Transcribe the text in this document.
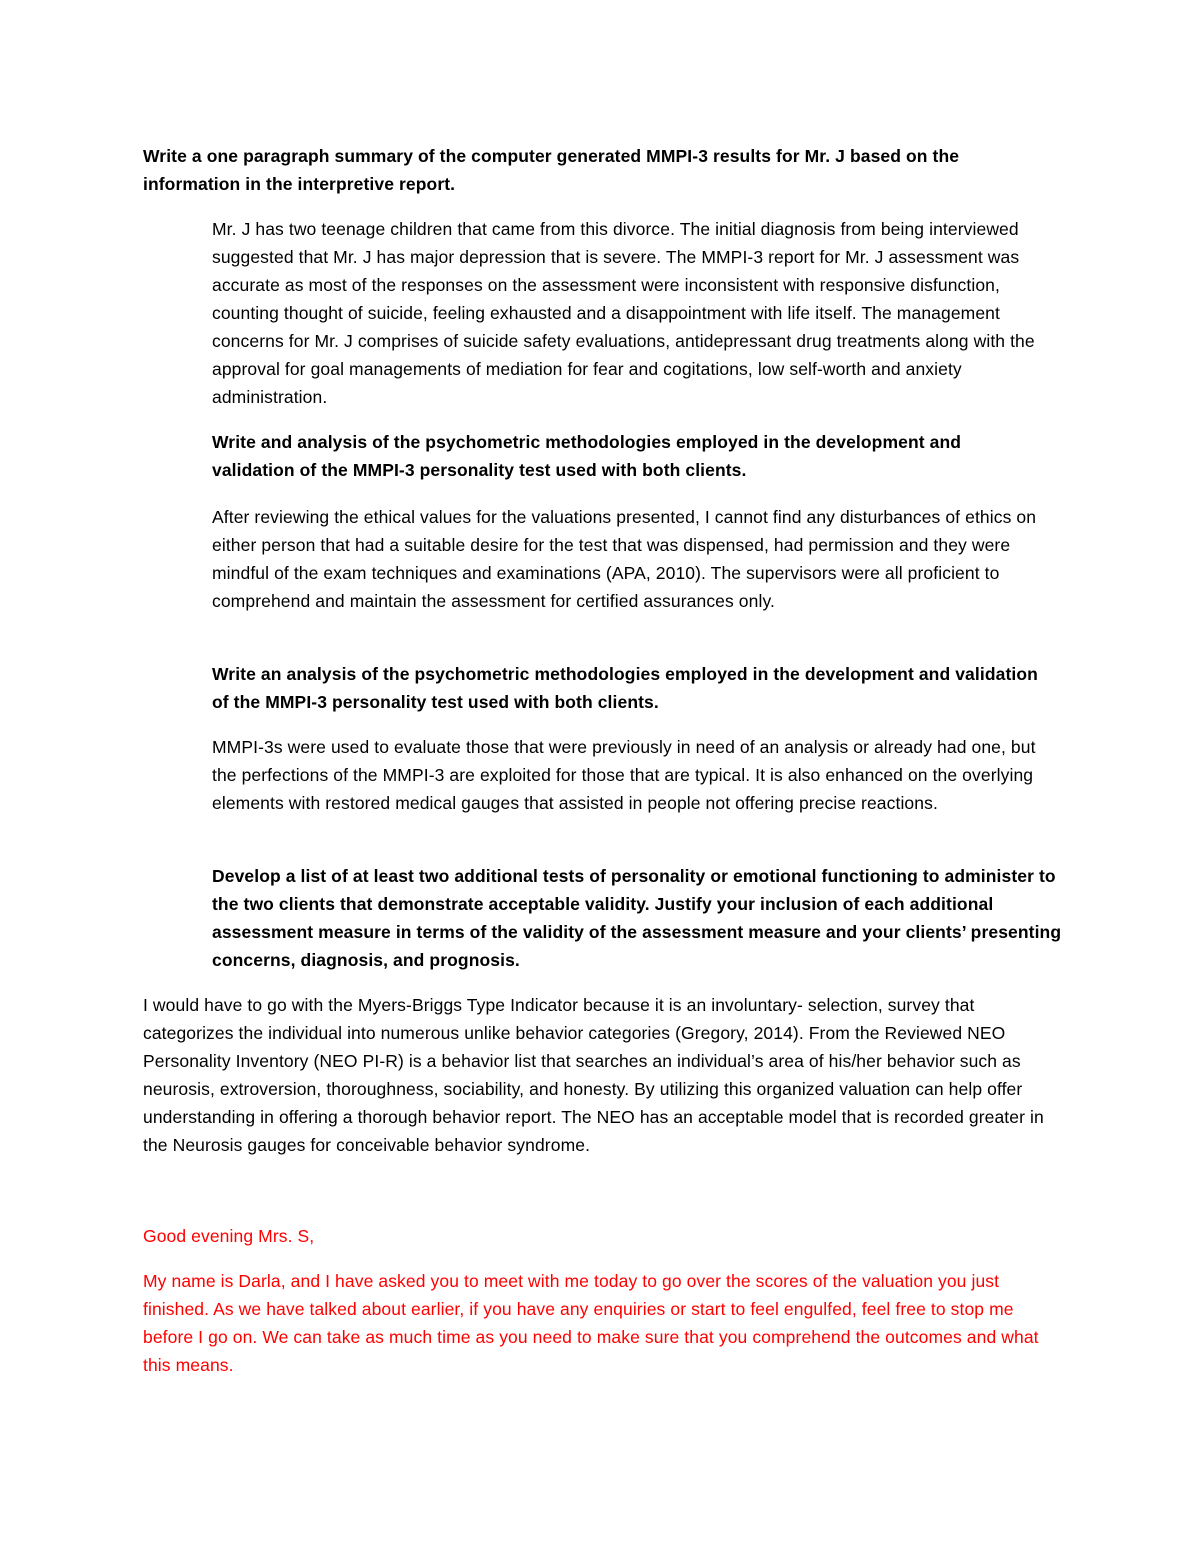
Write a one paragraph summary of the computer generated MMPI-3 results for Mr. J based on the information in the interpretive report.

Mr. J has two teenage children that came from this divorce. The initial diagnosis from being interviewed suggested that Mr. J has major depression that is severe. The MMPI-3 report for Mr. J assessment was accurate as most of the responses on the assessment were inconsistent with responsive disfunction, counting thought of suicide, feeling exhausted and a disappointment with life itself. The management concerns for Mr. J comprises of suicide safety evaluations, antidepressant drug treatments along with the approval for goal managements of mediation for fear and cogitations, low self-worth and anxiety administration.

Write and analysis of the psychometric methodologies employed in the development and validation of the MMPI-3 personality test used with both clients.

After reviewing the ethical values for the valuations presented, I cannot find any disturbances of ethics on either person that had a suitable desire for the test that was dispensed, had permission and they were mindful of the exam techniques and examinations (APA, 2010). The supervisors were all proficient to comprehend and maintain the assessment for certified assurances only.

Write an analysis of the psychometric methodologies employed in the development and validation of the MMPI-3 personality test used with both clients.

MMPI-3s were used to evaluate those that were previously in need of an analysis or already had one, but the perfections of the MMPI-3 are exploited for those that are typical. It is also enhanced on the overlying elements with restored medical gauges that assisted in people not offering precise reactions.

Develop a list of at least two additional tests of personality or emotional functioning to administer to the two clients that demonstrate acceptable validity. Justify your inclusion of each additional assessment measure in terms of the validity of the assessment measure and your clients’ presenting concerns, diagnosis, and prognosis.

I would have to go with the Myers-Briggs Type Indicator because it is an involuntary- selection, survey that categorizes the individual into numerous unlike behavior categories (Gregory, 2014). From the Reviewed NEO Personality Inventory (NEO PI-R) is a behavior list that searches an individual’s area of his/her behavior such as neurosis, extroversion, thoroughness, sociability, and honesty. By utilizing this organized valuation can help offer understanding in offering a thorough behavior report. The NEO has an acceptable model that is recorded greater in the Neurosis gauges for conceivable behavior syndrome.

Good evening Mrs. S,

My name is Darla, and I have asked you to meet with me today to go over the scores of the valuation you just finished. As we have talked about earlier, if you have any enquiries or start to feel engulfed, feel free to stop me before I go on. We can take as much time as you need to make sure that you comprehend the outcomes and what this means.
